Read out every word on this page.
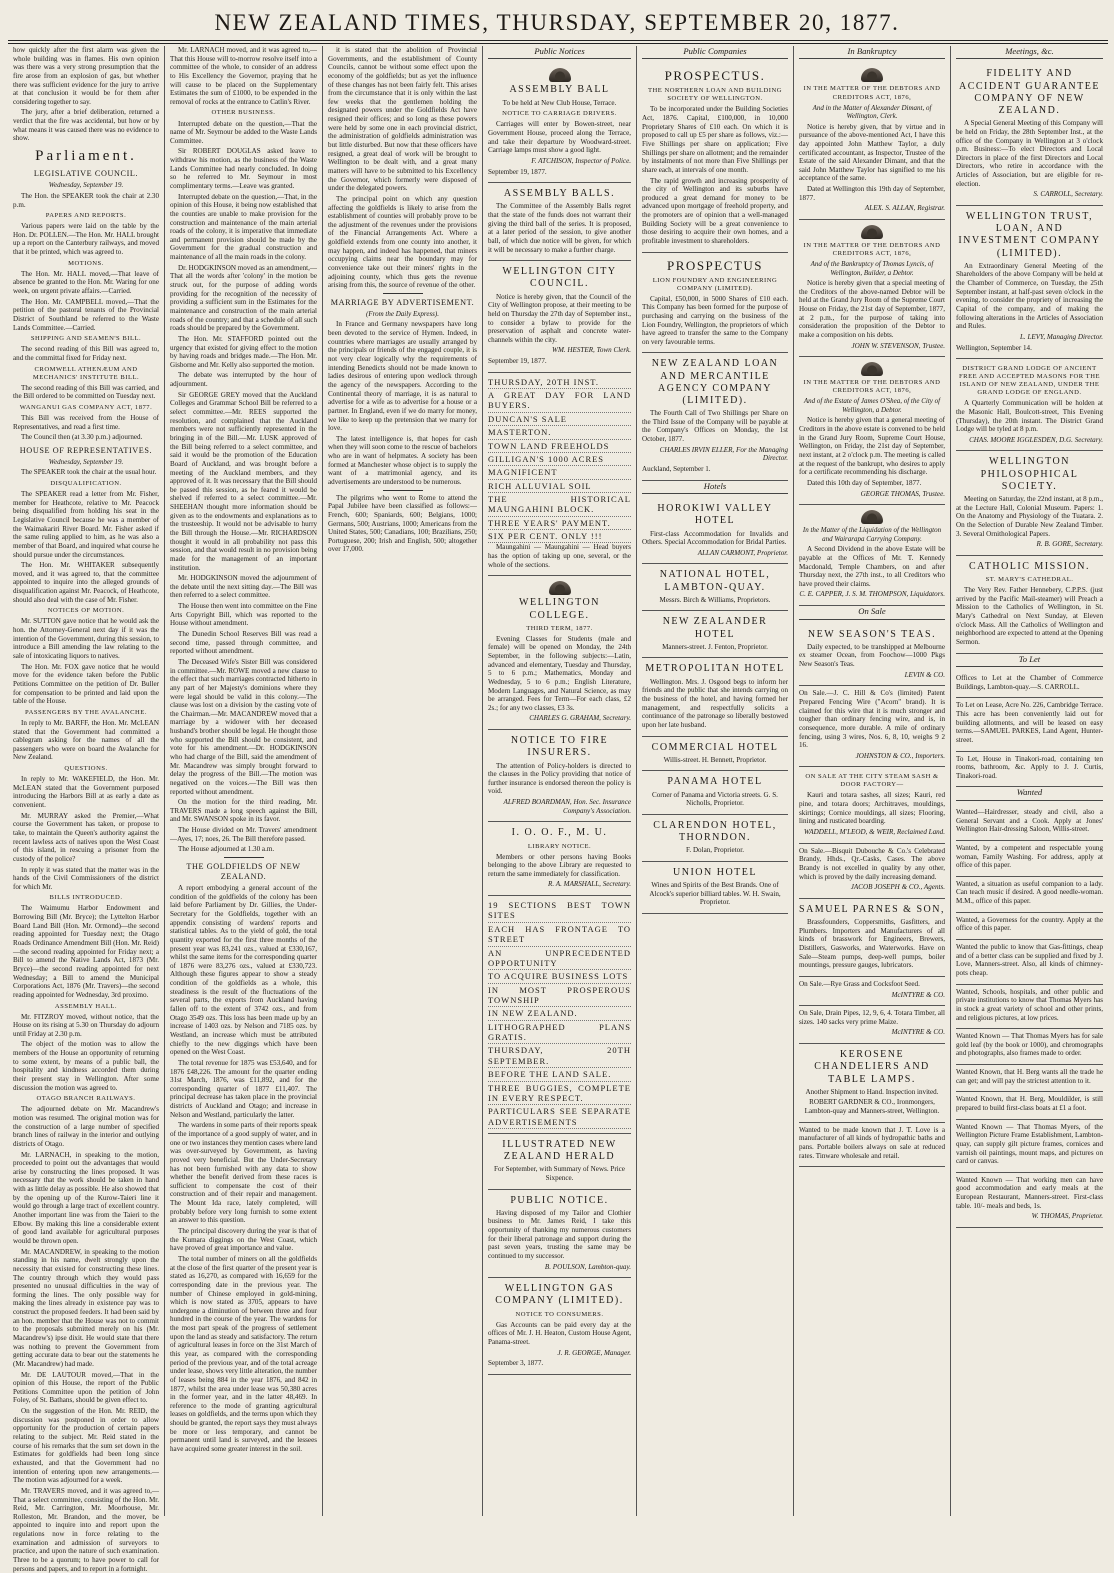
NEW ZEALAND TIMES, THURSDAY, SEPTEMBER 20, 1877.

how quickly after the first alarm was given the whole building was in flames. His own opinion was there was a very strong presumption that the fire arose from an explosion of gas, but whether there was sufficient evidence for the jury to arrive at that conclusion it would be for them after considering together to say.

The jury, after a brief deliberation, returned a verdict that the fire was accidental, but how or by what means it was caused there was no evidence to show.

Parliament.
LEGISLATIVE COUNCIL.
Wednesday, September 19.

The Hon. the SPEAKER took the chair at 2.30 p.m.

PAPERS AND REPORTS.

Various papers were laid on the table by the Hon. Dr. POLLEN.—The Hon. Mr. HALL brought up a report on the Canterbury railways, and moved that it be printed, which was agreed to.

MOTIONS.

The Hon. Mr. HALL moved,—That leave of absence be granted to the Hon. Mr. Waring for one week, on urgent private affairs.—Carried.

The Hon. Mr. CAMPBELL moved,—That the petition of the pastoral tenants of the Provincial District of Southland be referred to the Waste Lands Committee.—Carried.

SHIPPING AND SEAMEN'S BILL.

The second reading of this Bill was agreed to, and the committal fixed for Friday next.

CROMWELL ATHENÆUM AND MECHANICS' INSTITUTE BILL.

The second reading of this Bill was carried, and the Bill ordered to be committed on Tuesday next.

WANGANUI GAS COMPANY ACT, 1877.

This Bill was received from the House of Representatives, and read a first time.

The Council then (at 3.30 p.m.) adjourned.

HOUSE OF REPRESENTATIVES.
Wednesday, September 19.

The SPEAKER took the chair at the usual hour.

DISQUALIFICATION.

The SPEAKER read a letter from Mr. Fisher, member for Heathcote, relative to Mr. Peacock being disqualified from holding his seat in the Legislative Council because he was a member of the Waimakariri River Board. Mr. Fisher asked if the same ruling applied to him, as he was also a member of that Board, and inquired what course he should pursue under the circumstances.

The Hon. Mr. WHITAKER subsequently moved, and it was agreed to, that the committee appointed to inquire into the alleged grounds of disqualification against Mr. Peacock, of Heathcote, should also deal with the case of Mr. Fisher.

NOTICES OF MOTION.

Mr. SUTTON gave notice that he would ask the hon. the Attorney-General next day if it was the intention of the Government, during this session, to introduce a Bill amending the law relating to the sale of intoxicating liquors to natives.

The Hon. Mr. FOX gave notice that he would move for the evidence taken before the Public Petitions Committee on the petition of Dr. Buller for compensation to be printed and laid upon the table of the House.

PASSENGERS BY THE AVALANCHE.

In reply to Mr. BARFF, the Hon. Mr. McLEAN stated that the Government had committed a cablegram asking for the names of all the passengers who were on board the Avalanche for New Zealand.

QUESTIONS.

In reply to Mr. WAKEFIELD, the Hon. Mr. McLEAN stated that the Government purposed introducing the Harbors Bill at as early a date as convenient.

Mr. MURRAY asked the Premier,—What course the Government has taken, or propose to take, to maintain the Queen's authority against the recent lawless acts of natives upon the West Coast of this island, in rescuing a prisoner from the custody of the police?

In reply it was stated that the matter was in the hands of the Civil Commissioners of the district for which Mr.

BILLS INTRODUCED.

The Waimumu Harbor Endowment and Borrowing Bill (Mr. Bryce); the Lyttelton Harbor Board Land Bill (Hon. Mr. Ormond)—the second reading appointed for Tuesday next; the Otago Roads Ordinance Amendment Bill (Hon. Mr. Reid)—the second reading appointed for Friday next; a Bill to amend the Native Lands Act, 1873 (Mr. Bryce)—the second reading appointed for next Wednesday; a Bill to amend the Municipal Corporations Act, 1876 (Mr. Travers)—the second reading appointed for Wednesday, 3rd proximo.

ASSEMBLY HALL.

Mr. FITZROY moved, without notice, that the House on its rising at 5.30 on Thursday do adjourn until Friday at 2.30 p.m.

The object of the motion was to allow the members of the House an opportunity of returning to some extent, by means of a public ball, the hospitality and kindness accorded them during their present stay in Wellington. After some discussion the motion was agreed to.

OTAGO BRANCH RAILWAYS.

The adjourned debate on Mr. Macandrew's motion was resumed. The original motion was for the construction of a large number of specified branch lines of railway in the interior and outlying districts of Otago.

Mr. LARNACH, in speaking to the motion, proceeded to point out the advantages that would arise by constructing the lines proposed. It was necessary that the work should be taken in hand with as little delay as possible. He also showed that by the opening up of the Kurow-Taieri line it would go through a large tract of excellent country. Another important line was from the Taieri to the Elbow. By making this line a considerable extent of good land available for agricultural purposes would be thrown open.

Mr. MACANDREW, in speaking to the motion standing in his name, dwelt strongly upon the necessity that existed for constructing these lines. The country through which they would pass presented no unusual difficulties in the way of forming the lines. The only possible way for making the lines already in existence pay was to construct the proposed feeders. It had been said by an hon. member that the House was not to commit to the proposals submitted merely on his (Mr. Macandrew's) ipse dixit. He would state that there was nothing to prevent the Government from getting accurate data to bear out the statements he (Mr. Macandrew) had made.

Mr. DE LAUTOUR moved,—That in the opinion of this House, the report of the Public Petitions Committee upon the petition of John Foley, of St. Bathans, should be given effect to.

On the suggestion of the Hon. Mr. REID, the discussion was postponed in order to allow opportunity for the production of certain papers relating to the subject. Mr. Reid stated in the course of his remarks that the sum set down in the Estimates for goldfields had been long since exhausted, and that the Government had no intention of entering upon new arrangements.—The motion was adjourned for a week.

Mr. TRAVERS moved, and it was agreed to,—That a select committee, consisting of the Hon. Mr. Reid, Mr. Carrington, Mr. Moorhouse, Mr. Rolleston, Mr. Brandon, and the mover, be appointed to inquire into and report upon the regulations now in force relating to the examination and admission of surveyors to practice, and upon the nature of such examination. Three to be a quorum; to have power to call for persons and papers, and to report in a fortnight.

Mr. LARNACH moved, and it was agreed to,—That this House will to-morrow resolve itself into a committee of the whole, to consider of an address to His Excellency the Governor, praying that he will cause to be placed on the Supplementary Estimates the sum of £1000, to be expended in the removal of rocks at the entrance to Catlin's River.

OTHER BUSINESS.

Interrupted debate on the question,—That the name of Mr. Seymour be added to the Waste Lands Committee.

Sir ROBERT DOUGLAS asked leave to withdraw his motion, as the business of the Waste Lands Committee had nearly concluded. In doing so he referred to Mr. Seymour in most complimentary terms.—Leave was granted.

Interrupted debate on the question,—That, in the opinion of this House, it being now established that the counties are unable to make provision for the construction and maintenance of the main arterial roads of the colony, it is imperative that immediate and permanent provision should be made by the Government for the gradual construction and maintenance of all the main roads in the colony.

Dr. HODGKINSON moved as an amendment,—That all the words after 'colony' in the motion be struck out, for the purpose of adding words providing for the recognition of the necessity of providing a sufficient sum in the Estimates for the maintenance and construction of the main arterial roads of the country; and that a schedule of all such roads should be prepared by the Government.

The Hon. Mr. STAFFORD pointed out the urgency that existed for giving effect to the motion by having roads and bridges made.—The Hon. Mr. Gisborne and Mr. Kelly also supported the motion.

The debate was interrupted by the hour of adjournment.

Sir GEORGE GREY moved that the Auckland Colleges and Grammar School Bill be referred to a select committee.—Mr. REES supported the resolution, and complained that the Auckland members were not sufficiently represented in the bringing in of the Bill.—Mr. LUSK approved of the Bill being referred to a select committee, and said it would be the promotion of the Education Board of Auckland, and was brought before a meeting of the Auckland members, and they approved of it. It was necessary that the Bill should be passed this session, as he feared it would be shelved if referred to a select committee.—Mr. SHEEHAN thought more information should be given as to the endowments and explanations as to the trusteeship. It would not be advisable to hurry the Bill through the House.—Mr. RICHARDSON thought it would in all probability not pass this session, and that would result in no provision being made for the management of an important institution.

Mr. HODGKINSON moved the adjournment of the debate until the next sitting day.—The Bill was then referred to a select committee.

The House then went into committee on the Fine Arts Copyright Bill, which was reported to the House without amendment.

The Dunedin School Reserves Bill was read a second time, passed through committee, and reported without amendment.

The Deceased Wife's Sister Bill was considered in committee.—Mr. ROWE moved a new clause to the effect that such marriages contracted hitherto in any part of her Majesty's dominions where they were legal should be valid in this colony.—The clause was lost on a division by the casting vote of the Chairman.—Mr. MACANDREW moved that a marriage by a widower with her deceased husband's brother should be legal. He thought those who supported the Bill should be consistent, and vote for his amendment.—Dr. HODGKINSON who had charge of the Bill, said the amendment of Mr. Macandrew was simply brought forward to delay the progress of the Bill.—The motion was negatived on the voices.—The Bill was then reported without amendment.

On the motion for the third reading, Mr. TRAVERS made a long speech against the Bill, and Mr. SWANSON spoke in its favor.

The House divided on Mr. Travers' amendment—Ayes, 17; noes, 26. The Bill therefore passed.

The House adjourned at 1.30 a.m.

THE GOLDFIELDS OF NEW ZEALAND.

A report embodying a general account of the condition of the goldfields of the colony has been laid before Parliament by Dr. Gillies, the Under-Secretary for the Goldfields, together with an appendix consisting of wardens' reports and statistical tables. As to the yield of gold, the total quantity exported for the first three months of the present year was 83,241 ozs., valued at £330,167, whilst the same items for the corresponding quarter of 1876 were 83,276 ozs., valued at £330,723. Although these figures appear to show a steady condition of the goldfields as a whole, this steadiness is the result of the fluctuations of the several parts, the exports from Auckland having fallen off to the extent of 3742 ozs., and from Otago 3549 ozs. This loss has been made up by an increase of 1403 ozs. by Nelson and 7185 ozs. by Westland, an increase which must be attributed chiefly to the new diggings which have been opened on the West Coast.

The total revenue for 1875 was £53,640, and for 1876 £48,226. The amount for the quarter ending 31st March, 1876, was £11,892, and for the corresponding quarter of 1877 £11,407. The principal decrease has taken place in the provincial districts of Auckland and Otago; and increase in Nelson and Westland, particularly the latter.

The wardens in some parts of their reports speak of the importance of a good supply of water, and in one or two instances they mention cases where land was over-surveyed by Government, as having proved very beneficial. But the Under-Secretary has not been furnished with any data to show whether the benefit derived from these races is sufficient to compensate the cost of their construction and of their repair and management. The Mount Ida race, lately completed, will probably before very long furnish to some extent an answer to this question.

The principal discovery during the year is that of the Kumara diggings on the West Coast, which have proved of great importance and value.

The total number of miners on all the goldfields at the close of the first quarter of the present year is stated as 16,270, as compared with 16,659 for the corresponding date in the previous year. The number of Chinese employed in gold-mining, which is now stated as 3705, appears to have undergone a diminution of between three and four hundred in the course of the year. The wardens for the most part speak of the progress of settlement upon the land as steady and satisfactory. The return of agricultural leases in force on the 31st March of this year, as compared with the corresponding period of the previous year, and of the total acreage under lease, shows very little alteration, the number of leases being 884 in the year 1876, and 842 in 1877, whilst the area under lease was 50,380 acres in the former year, and in the latter 48,469. In reference to the mode of granting agricultural leases on goldfields, and the terms upon which they should be granted, the report says they must always be more or less temporary, and cannot be permanent until land is surveyed, and the lessees have acquired some greater interest in the soil.

it is stated that the abolition of Provincial Governments, and the establishment of County Councils, cannot be without some effect upon the economy of the goldfields; but as yet the influence of these changes has not been fairly felt. This arises from the circumstance that it is only within the last few weeks that the gentlemen holding the designated powers under the Goldfields Act have resigned their offices; and so long as these powers were held by some one in each provincial district, the administration of goldfields administration was but little disturbed. But now that these officers have resigned, a great deal of work will be brought to Wellington to be dealt with, and a great many matters will have to be submitted to his Excellency the Governor, which formerly were disposed of under the delegated powers.

The principal point on which any question affecting the goldfields is likely to arise from the establishment of counties will probably prove to be the adjustment of the revenues under the provisions of the Financial Arrangements Act. Where a goldfield extends from one county into another, it may happen, and indeed has happened, that miners occupying claims near the boundary may for convenience take out their miners' rights in the adjoining county, which thus gets the revenue arising from this, the source of revenue of the other.

MARRIAGE BY ADVERTISEMENT.
(From the Daily Express).

In France and Germany newspapers have long been devoted to the service of Hymen. Indeed, in countries where marriages are usually arranged by the principals or friends of the engaged couple, it is not very clear logically why the requirements of intending Benedicts should not be made known to ladies desirous of entering upon wedlock through the agency of the newspapers. According to the Continental theory of marriage, it is as natural to advertise for a wife as to advertise for a house or a partner. In England, even if we do marry for money, we like to keep up the pretension that we marry for love.

The latest intelligence is, that hopes for cash when they will soon come to the rescue of bachelors who are in want of helpmates. A society has been formed at Manchester whose object is to supply the want of a matrimonial agency, and its advertisements are understood to be numerous.

The pilgrims who went to Rome to attend the Papal Jubilee have been classified as follows:—French, 600; Spaniards, 600; Belgians, 1000; Germans, 500; Austrians, 1000; Americans from the United States, 500; Canadians, 100; Brazilians, 250; Portuguese, 200; Irish and English, 500; altogether over 17,000.

Public Notices
ASSEMBLY BALL

To be held at New Club House, Terrace.

NOTICE TO CARRIAGE DRIVERS.

Carriages will enter by Bowen-street, near Government House, proceed along the Terrace, and take their departure by Woodward-street. Carriage lamps must show a good light.

F. ATCHISON, Inspector of Police.

September 19, 1877.

ASSEMBLY BALLS.

The Committee of the Assembly Balls regret that the state of the funds does not warrant their giving the third ball of the series. It is proposed, at a later period of the session, to give another ball, of which due notice will be given, for which it will be necessary to make a further charge.

WELLINGTON CITY COUNCIL.

Notice is hereby given, that the Council of the City of Wellington propose, at their meeting to be held on Thursday the 27th day of September inst., to consider a bylaw to provide for the preservation of asphalt and concrete water-channels within the city.

WM. HESTER, Town Clerk.

September 19, 1877.

THURSDAY, 20TH INST.
A GREAT DAY FOR LAND BUYERS.
DUNCAN'S SALE
MASTERTON.
TOWN LAND FREEHOLDS
GILLIGAN'S 1000 ACRES
MAGNIFICENT
RICH ALLUVIAL SOIL
THE HISTORICAL MAUNGAHINI BLOCK.
THREE YEARS' PAYMENT.
SIX PER CENT. ONLY !!!

Maungahini — Maungahini — Head buyers has the option of taking up one, several, or the whole of the sections.

WELLINGTON COLLEGE.
THIRD TERM, 1877.

Evening Classes for Students (male and female) will be opened on Monday, the 24th September, in the following subjects:—Latin, advanced and elementary, Tuesday and Thursday, 5 to 6 p.m.; Mathematics, Monday and Wednesday, 5 to 6 p.m.; English Literature, Modern Languages, and Natural Science, as may be arranged. Fees for Term—For each class, £2 2s.; for any two classes, £3 3s.

CHARLES G. GRAHAM, Secretary.

NOTICE TO FIRE INSURERS.

The attention of Policy-holders is directed to the clauses in the Policy providing that notice of further insurance is endorsed thereon the policy is void.

ALFRED BOARDMAN, Hon. Sec. Insurance Company's Association.

I. O. O. F., M. U.
LIBRARY NOTICE.

Members or other persons having Books belonging to the above Library are requested to return the same immediately for classification.

R. A. MARSHALL, Secretary.

19 SECTIONS BEST TOWN SITES
EACH HAS FRONTAGE TO STREET
AN UNPRECEDENTED OPPORTUNITY
TO ACQUIRE BUSINESS LOTS
IN MOST PROSPEROUS TOWNSHIP
IN NEW ZEALAND.
LITHOGRAPHED PLANS GRATIS.
THURSDAY, 20TH SEPTEMBER.
BEFORE THE LAND SALE.
THREE BUGGIES, COMPLETE IN EVERY RESPECT.
PARTICULARS SEE SEPARATE ADVERTISEMENTS
ILLUSTRATED NEW ZEALAND HERALD

For September, with Summary of News. Price Sixpence.

PUBLIC NOTICE.

Having disposed of my Tailor and Clothier business to Mr. James Reid, I take this opportunity of thanking my numerous customers for their liberal patronage and support during the past seven years, trusting the same may be continued to my successor.

B. POULSON, Lambton-quay.

WELLINGTON GAS COMPANY (LIMITED).
NOTICE TO CONSUMERS.

Gas Accounts can be paid every day at the offices of Mr. J. H. Heaton, Custom House Agent, Panama-street.

J. R. GEORGE, Manager.

September 3, 1877.

Public Companies
PROSPECTUS.
THE NORTHERN LOAN AND BUILDING SOCIETY OF WELLINGTON.

To be incorporated under the Building Societies Act, 1876. Capital, £100,000, in 10,000 Proprietary Shares of £10 each. On which it is proposed to call up £5 per share as follows, viz.:—Five Shillings per share on application; Five Shillings per share on allotment; and the remainder by instalments of not more than Five Shillings per share each, at intervals of one month.

The rapid growth and increasing prosperity of the city of Wellington and its suburbs have produced a great demand for money to be advanced upon mortgage of freehold property, and the promoters are of opinion that a well-managed Building Society will be a great convenience to those desiring to acquire their own homes, and a profitable investment to shareholders.

PROSPECTUS
LION FOUNDRY AND ENGINEERING COMPANY (LIMITED).

Capital, £50,000, in 5000 Shares of £10 each. This Company has been formed for the purpose of purchasing and carrying on the business of the Lion Foundry, Wellington, the proprietors of which have agreed to transfer the same to the Company on very favourable terms.

NEW ZEALAND LOAN AND MERCANTILE AGENCY COMPANY (LIMITED).

The Fourth Call of Two Shillings per Share on the Third Issue of the Company will be payable at the Company's Offices on Monday, the 1st October, 1877.

CHARLES IRVIN ELLER, For the Managing Director.

Auckland, September 1.

Hotels
HOROKIWI VALLEY HOTEL

First-class Accommodation for Invalids and Others. Special Accommodation for Bridal Parties.

ALLAN CARMONT, Proprietor.

NATIONAL HOTEL, LAMBTON-QUAY.

Messrs. Birch & Williams, Proprietors.

NEW ZEALANDER HOTEL

Manners-street. J. Fenton, Proprietor.

METROPOLITAN HOTEL

Wellington. Mrs. J. Osgood begs to inform her friends and the public that she intends carrying on the business of the hotel, and having formed her management, and respectfully solicits a continuance of the patronage so liberally bestowed upon her late husband.

COMMERCIAL HOTEL

Willis-street. H. Bennett, Proprietor.

PANAMA HOTEL

Corner of Panama and Victoria streets. G. S. Nicholls, Proprietor.

CLARENDON HOTEL, THORNDON.

F. Dolan, Proprietor.

UNION HOTEL

Wines and Spirits of the Best Brands. One of Alcock's superior billiard tables. W. H. Swain, Proprietor.

In Bankruptcy
IN THE MATTER OF THE DEBTORS AND CREDITORS ACT, 1876,
And in the Matter of Alexander Dimant, of Wellington, Clerk.

Notice is hereby given, that by virtue and in pursuance of the above-mentioned Act, I have this day appointed John Matthew Taylor, a duly certificated accountant, as Inspector, Trustee of the Estate of the said Alexander Dimant, and that the said John Matthew Taylor has signified to me his acceptance of the same.

Dated at Wellington this 19th day of September, 1877.

ALEX. S. ALLAN, Registrar.

IN THE MATTER OF THE DEBTORS AND CREDITORS ACT, 1876,
And of the Bankruptcy of Thomas Lyncis, of Wellington, Builder, a Debtor.

Notice is hereby given that a special meeting of the Creditors of the above-named Debtor will be held at the Grand Jury Room of the Supreme Court House on Friday, the 21st day of September, 1877, at 2 p.m., for the purpose of taking into consideration the proposition of the Debtor to make a composition on his debts.

JOHN W. STEVENSON, Trustee.

IN THE MATTER OF THE DEBTORS AND CREDITORS ACT, 1876,
And of the Estate of James O'Shea, of the City of Wellington, a Debtor.

Notice is hereby given that a general meeting of Creditors in the above estate is convened to be held in the Grand Jury Room, Supreme Court House, Wellington, on Friday, the 21st day of September, next instant, at 2 o'clock p.m. The meeting is called at the request of the bankrupt, who desires to apply for a certificate recommending his discharge.

Dated this 10th day of September, 1877.

GEORGE THOMAS, Trustee.

In the Matter of the Liquidation of the Wellington and Wairarapa Carrying Company.

A Second Dividend in the above Estate will be payable at the Offices of Mr. T. Kennedy Macdonald, Temple Chambers, on and after Thursday next, the 27th inst., to all Creditors who have proved their claims.

C. E. CAPPER, J. S. M. THOMPSON, Liquidators.

On Sale
NEW SEASON'S TEAS.

Daily expected, to be transhipped at Melbourne ex steamer Ocean, from Foochow—1000 Pkgs New Season's Teas.

LEVIN & CO.

On Sale.—J. C. Hill & Co's (limited) Patent Prepared Fencing Wire ("Acorn" brand). It is claimed for this wire that it is much stronger and tougher than ordinary fencing wire, and is, in consequence, more durable. A mile of ordinary fencing, using 3 wires, Nos. 6, 8, 10, weighs 9 2 16.

JOHNSTON & CO., Importers.

ON SALE AT THE CITY STEAM SASH & DOOR FACTORY—

Kauri and totara sashes, all sizes; Kauri, red pine, and totara doors; Architraves, mouldings, skirtings; Cornice mouldings, all sizes; Flooring, lining and rusticated boarding.

WADDELL, M'LEOD, & WEIR, Reclaimed Land.

On Sale.—Bisquit Dubouche & Co.'s Celebrated Brandy, Hhds., Qr.-Casks, Cases. The above Brandy is not excelled in quality by any other, which is proved by the daily increasing demand.

JACOB JOSEPH & CO., Agents.

SAMUEL PARNES & SON,

Brassfounders, Coppersmiths, Gasfitters, and Plumbers. Importers and Manufacturers of all kinds of brasswork for Engineers, Brewers, Distillers, Gasworks, and Waterworks. Have on Sale—Steam pumps, deep-well pumps, boiler mountings, pressure gauges, lubricators.

On Sale.—Rye Grass and Cocksfoot Seed.

McINTYRE & CO.

On Sale, Drain Pipes, 12, 9, 6, 4. Totara Timber, all sizes. 140 sacks very prime Maize.

McINTYRE & CO.

KEROSENE CHANDELIERS AND TABLE LAMPS.

Another Shipment to Hand. Inspection invited.

ROBERT GARDNER & CO., Ironmongers, Lambton-quay and Manners-street, Wellington.

Wanted to be made known that J. T. Love is a manufacturer of all kinds of hydropathic baths and pans. Portable boilers always on sale at reduced rates. Tinware wholesale and retail.

Meetings, &c.
FIDELITY AND ACCIDENT GUARANTEE COMPANY OF NEW ZEALAND.

A Special General Meeting of this Company will be held on Friday, the 28th September Inst., at the office of the Company in Wellington at 3 o'clock p.m. Business:—To elect Directors and Local Directors in place of the first Directors and Local Directors, who retire in accordance with the Articles of Association, but are eligible for re-election.

S. CARROLL, Secretary.

WELLINGTON TRUST, LOAN, AND INVESTMENT COMPANY (LIMITED).

An Extraordinary General Meeting of the Shareholders of the above Company will be held at the Chamber of Commerce, on Tuesday, the 25th September instant, at half-past seven o'clock in the evening, to consider the propriety of increasing the Capital of the company, and of making the following alterations in the Articles of Association and Rules.

L. LEVY, Managing Director.

Wellington, September 14.

DISTRICT GRAND LODGE OF ANCIENT FREE AND ACCEPTED MASONS FOR THE ISLAND OF NEW ZEALAND, UNDER THE GRAND LODGE OF ENGLAND.

A Quarterly Communication will be holden at the Masonic Hall, Boulcott-street, This Evening (Thursday), the 20th instant. The District Grand Lodge will be tyled at 8 p.m.

CHAS. MOORE IGGLESDEN, D.G. Secretary.

WELLINGTON PHILOSOPHICAL SOCIETY.

Meeting on Saturday, the 22nd instant, at 8 p.m., at the Lecture Hall, Colonial Museum. Papers: 1. On the Anatomy and Physiology of the Tuatara. 2. On the Selection of Durable New Zealand Timber. 3. Several Ornithological Papers.

R. B. GORE, Secretary.

CATHOLIC MISSION.
ST. MARY'S CATHEDRAL.

The Very Rev. Father Hennebery, C.P.P.S. (just arrived by the Pacific Mail-steamer) will Preach a Mission to the Catholics of Wellington, in St. Mary's Cathedral on Next Sunday, at Eleven o'clock Mass. All the Catholics of Wellington and neighborhood are expected to attend at the Opening Sermon.

To Let

Offices to Let at the Chamber of Commerce Buildings, Lambton-quay.—S. CARROLL.

To Let on Lease, Acre No. 226, Cambridge Terrace. This acre has been conveniently laid out for building allotments, and will be leased on easy terms.—SAMUEL PARKES, Land Agent, Hunter-street.

To Let, House in Tinakori-road, containing ten rooms, bathroom, &c. Apply to J. J. Curtis, Tinakori-road.

Wanted

Wanted—Hairdresser, steady and civil, also a General Servant and a Cook. Apply at Jones' Wellington Hair-dressing Saloon, Willis-street.

Wanted, by a competent and respectable young woman, Family Washing. For address, apply at office of this paper.

Wanted, a situation as useful companion to a lady. Can teach music if desired. A good needle-woman. M.M., office of this paper.

Wanted, a Governess for the country. Apply at the office of this paper.

Wanted the public to know that Gas-fittings, cheap and of a better class can be supplied and fixed by J. Love, Manners-street. Also, all kinds of chimney-pots cheap.

Wanted, Schools, hospitals, and other public and private institutions to know that Thomas Myers has in stock a great variety of school and other prints, and religious pictures, at low prices.

Wanted Known — That Thomas Myers has for sale gold leaf (by the book or 1000), and chromographs and photographs, also frames made to order.

Wanted Known, that H. Berg wants all the trade he can get; and will pay the strictest attention to it.

Wanted Known, that H. Berg, Mouldilder, is still prepared to build first-class boats at £1 a foot.

Wanted Known — That Thomas Myers, of the Wellington Picture Frame Establishment, Lambton-quay, can supply gilt picture frames, cornices and varnish oil paintings, mount maps, and pictures on card or canvas.

Wanted Known — That working men can have good accommodation and early meals at the European Restaurant, Manners-street. First-class table. 10/- meals and beds, 1s.

W. THOMAS, Proprietor.
